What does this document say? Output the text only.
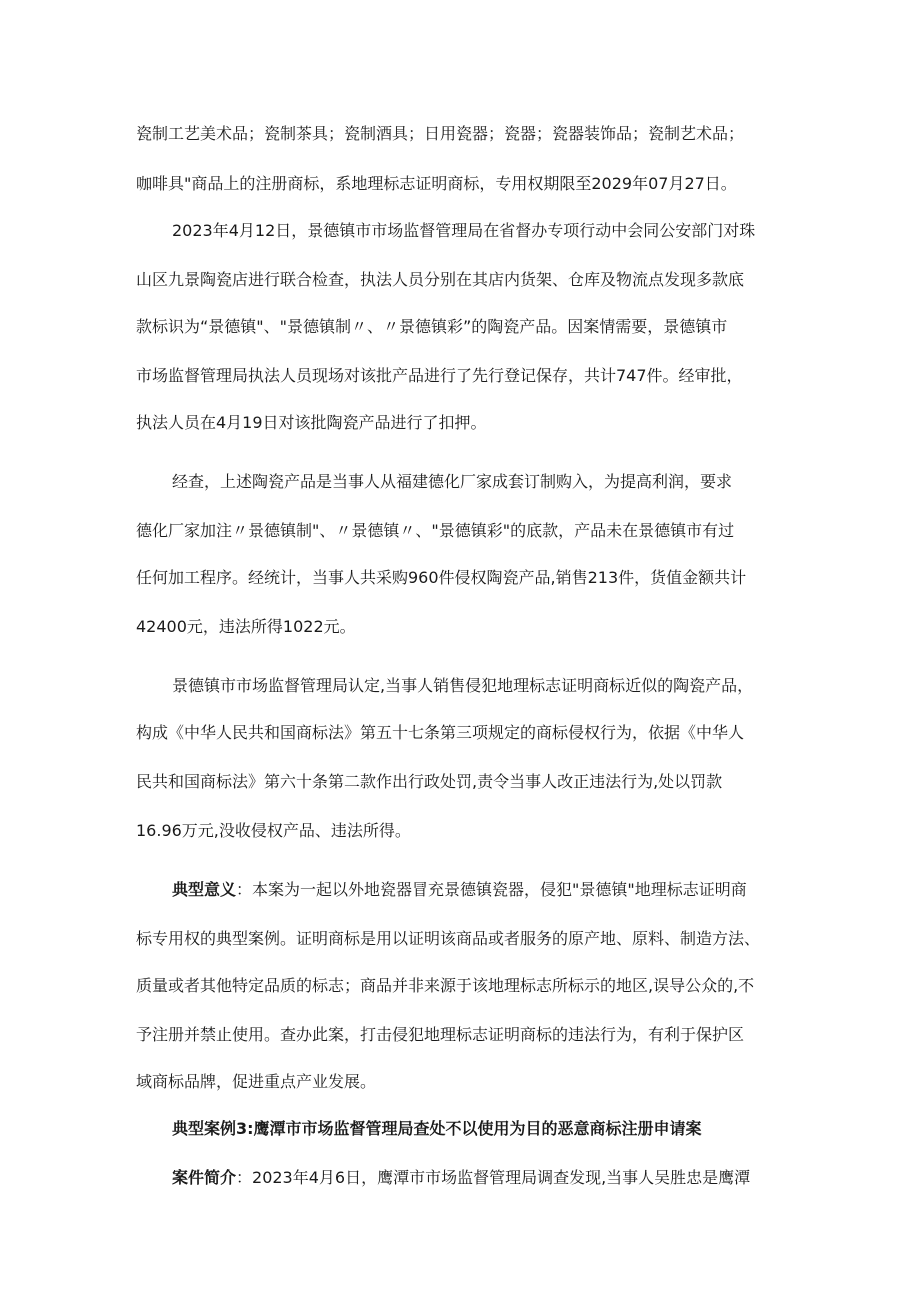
瓷制工艺美术品；瓷制茶具；瓷制酒具；日用瓷器；瓷器；瓷器装饰品；瓷制艺术品；
咖啡具"商品上的注册商标，系地理标志证明商标，专用权期限至2029年07月27日。
2023年4月12日，景德镇市市场监督管理局在省督办专项行动中会同公安部门对珠
山区九景陶瓷店进行联合检查，执法人员分别在其店内货架、仓库及物流点发现多款底
款标识为“景德镇"、"景德镇制〃、〃景德镇彩”的陶瓷产品。因案情需要，景德镇市
市场监督管理局执法人员现场对该批产品进行了先行登记保存，共计747件。经审批，
执法人员在4月19日对该批陶瓷产品进行了扣押。
经查，上述陶瓷产品是当事人从福建德化厂家成套订制购入，为提高利润，要求
德化厂家加注〃景德镇制"、〃景德镇〃、"景德镇彩"的底款，产品未在景德镇市有过
任何加工程序。经统计，当事人共采购960件侵权陶瓷产品,销售213件，货值金额共计
42400元，违法所得1022元。
景德镇市市场监督管理局认定,当事人销售侵犯地理标志证明商标近似的陶瓷产品，
构成《中华人民共和国商标法》第五十七条第三项规定的商标侵权行为，依据《中华人
民共和国商标法》第六十条第二款作出行政处罚,责令当事人改正违法行为,处以罚款
16.96万元,没收侵权产品、违法所得。
典型意义：本案为一起以外地瓷器冒充景德镇瓷器，侵犯"景德镇"地理标志证明商
标专用权的典型案例。证明商标是用以证明该商品或者服务的原产地、原料、制造方法、
质量或者其他特定品质的标志；商品并非来源于该地理标志所标示的地区,误导公众的,不
予注册并禁止使用。查办此案，打击侵犯地理标志证明商标的违法行为，有利于保护区
域商标品牌，促进重点产业发展。
典型案例3:鹰潭市市场监督管理局查处不以使用为目的恶意商标注册申请案
案件简介：2023年4月6日，鹰潭市市场监督管理局调查发现,当事人吴胜忠是鹰潭
